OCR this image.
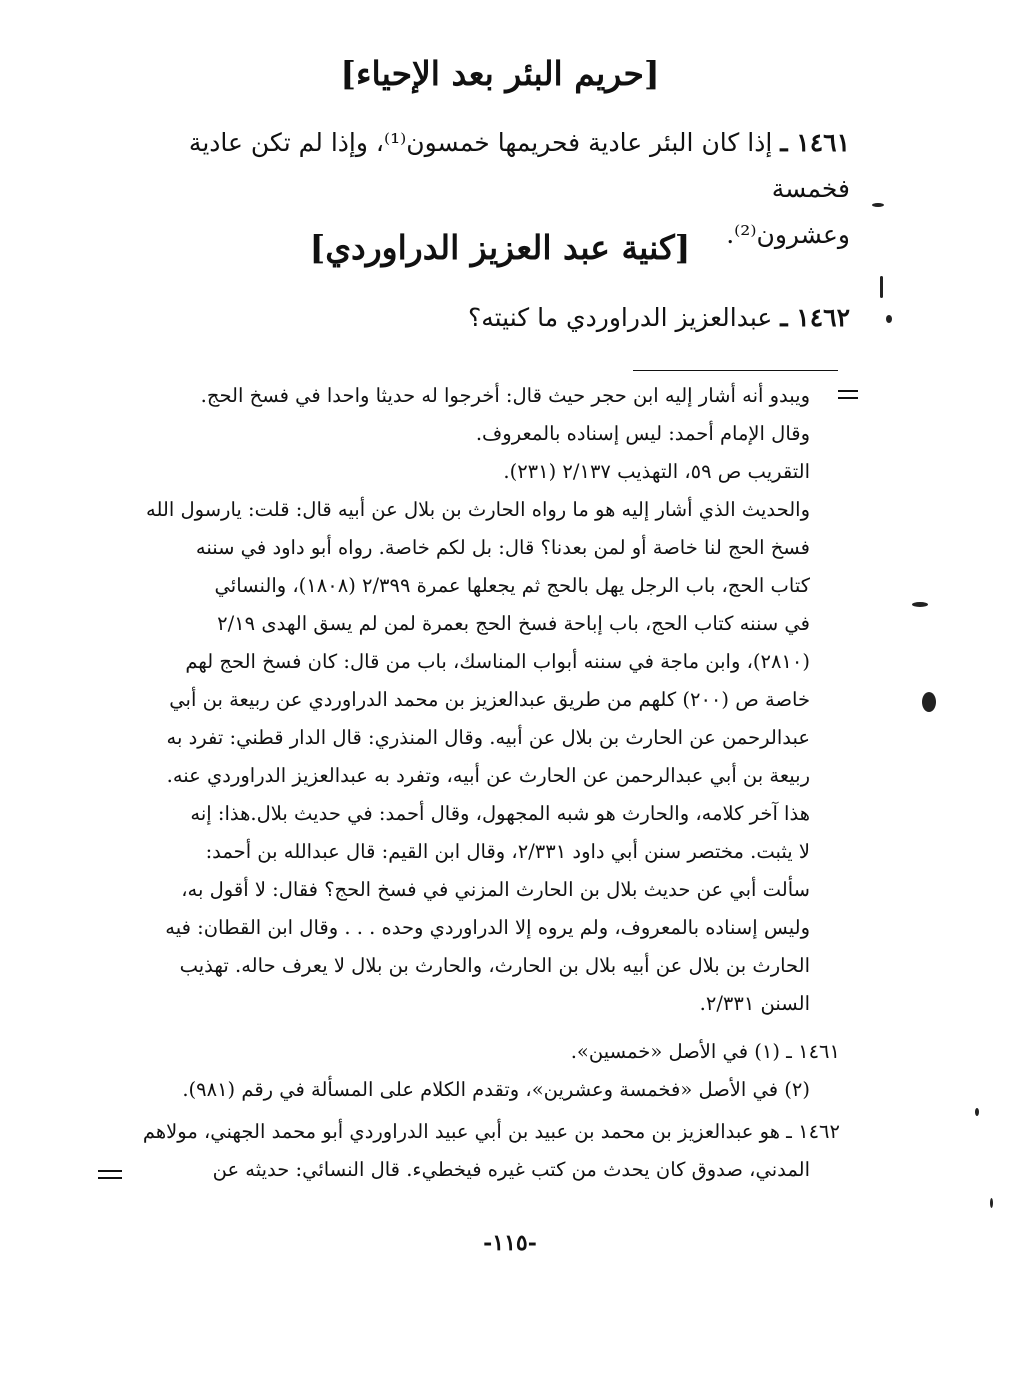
[حريم البئر بعد الإحياء]
١٤٦١ ـ إذا كان البئر عادية فحريمها خمسون⁽¹⁾، وإذا لم تكن عادية فخمسة
وعشرون⁽²⁾.
[كنية عبد العزيز الدراوردي]
١٤٦٢ ـ عبدالعزيز الدراوردي ما كنيته؟
ويبدو أنه أشار إليه ابن حجر حيث قال: أخرجوا له حديثا واحدا في فسخ الحج.
وقال الإمام أحمد: ليس إسناده بالمعروف.
التقريب ص ٥٩، التهذيب ٢/١٣٧ (٢٣١).
والحديث الذي أشار إليه هو ما رواه الحارث بن بلال عن أبيه قال: قلت: يارسول الله
فسخ الحج لنا خاصة أو لمن بعدنا؟ قال: بل لكم خاصة. رواه أبو داود في سننه
كتاب الحج، باب الرجل يهل بالحج ثم يجعلها عمرة ٢/٣٩٩ (١٨٠٨)، والنسائي
في سننه كتاب الحج، باب إباحة فسخ الحج بعمرة لمن لم يسق الهدى ٢/١٩
(٢٨١٠)، وابن ماجة في سننه أبواب المناسك، باب من قال: كان فسخ الحج لهم
خاصة ص (٢٠٠) كلهم من طريق عبدالعزيز بن محمد الدراوردي عن ربيعة بن أبي
عبدالرحمن عن الحارث بن بلال عن أبيه. وقال المنذري: قال الدار قطني: تفرد به
ربيعة بن أبي عبدالرحمن عن الحارث عن أبيه، وتفرد به عبدالعزيز الدراوردي عنه.
هذا آخر كلامه، والحارث هو شبه المجهول، وقال أحمد: في حديث بلال.هذا: إنه
لا يثبت. مختصر سنن أبي داود ٢/٣٣١، وقال ابن القيم: قال عبدالله بن أحمد:
سألت أبي عن حديث بلال بن الحارث المزني في فسخ الحج؟ فقال: لا أقول به،
وليس إسناده بالمعروف، ولم يروه إلا الدراوردي وحده . . . وقال ابن القطان: فيه
الحارث بن بلال عن أبيه بلال بن الحارث، والحارث بن بلال لا يعرف حاله. تهذيب
السنن ٢/٣٣١.
١٤٦١ ـ (١) في الأصل «خمسين».
(٢) في الأصل «فخمسة وعشرين»، وتقدم الكلام على المسألة في رقم (٩٨١).
١٤٦٢ ـ هو عبدالعزيز بن محمد بن عبيد بن أبي عبيد الدراوردي أبو محمد الجهني، مولاهم
المدني، صدوق كان يحدث من كتب غيره فيخطيء. قال النسائي: حديثه عن
-١١٥-
